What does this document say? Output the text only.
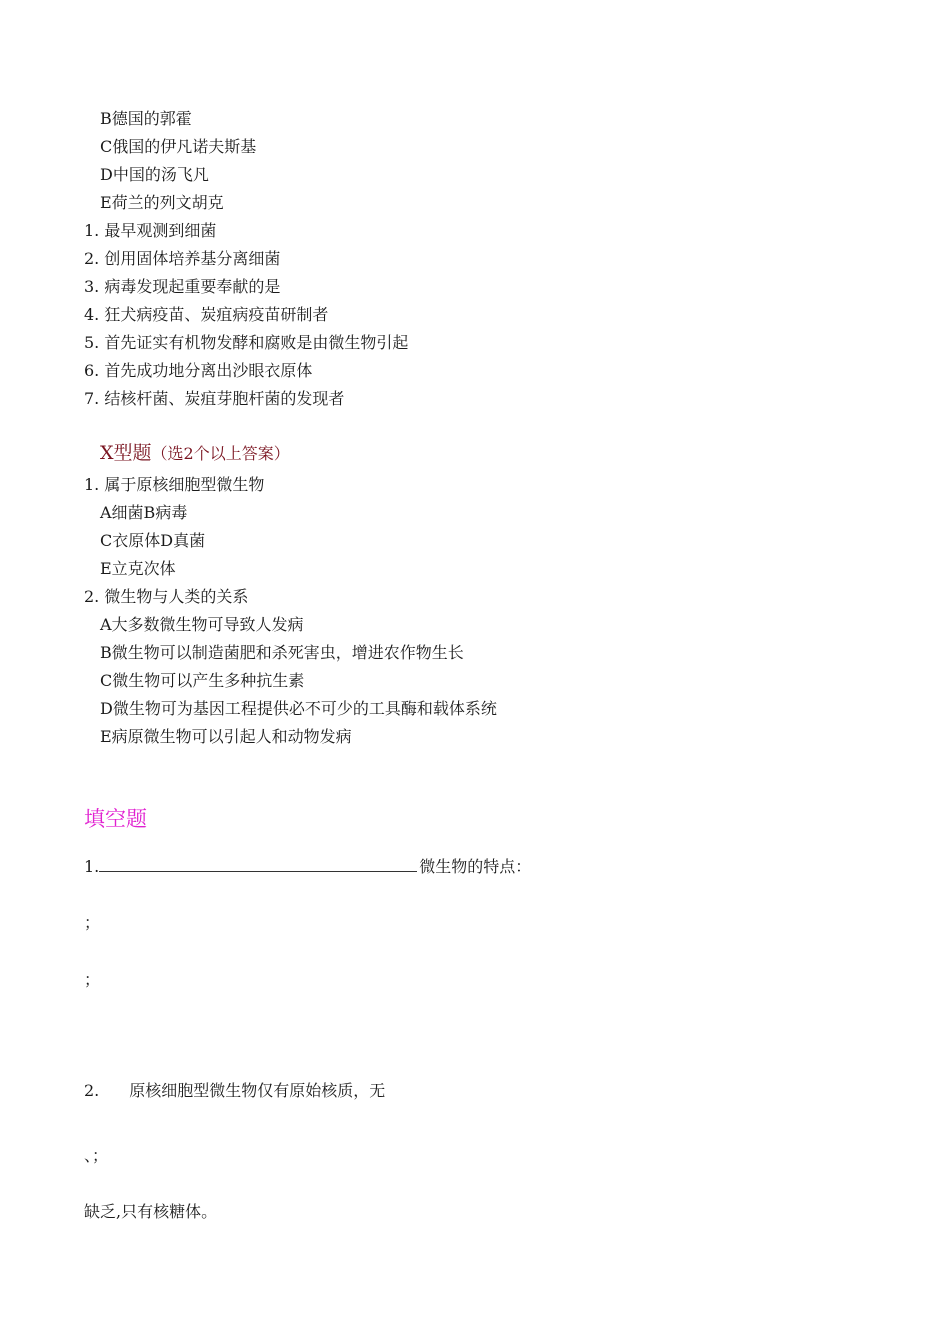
B德国的郭霍
C俄国的伊凡诺夫斯基
D中国的汤飞凡
E荷兰的列文胡克
1. 最早观测到细菌
2. 创用固体培养基分离细菌
3. 病毒发现起重要奉献的是
4. 狂犬病疫苗、炭疽病疫苗研制者
5. 首先证实有机物发酵和腐败是由微生物引起
6. 首先成功地分离出沙眼衣原体
7. 结核杆菌、炭疽芽胞杆菌的发现者
X型题（选2个以上答案）
1. 属于原核细胞型微生物
A细菌B病毒
C衣原体D真菌
E立克次体
2. 微生物与人类的关系
A大多数微生物可导致人发病
B微生物可以制造菌肥和杀死害虫，增进农作物生长
C微生物可以产生多种抗生素
D微生物可为基因工程提供必不可少的工具酶和载体系统
E病原微生物可以引起人和动物发病
填空题
1.	微生物的特点：
；
；
2. 原核细胞型微生物仅有原始核质，无
、；
缺乏,只有核糖体。
